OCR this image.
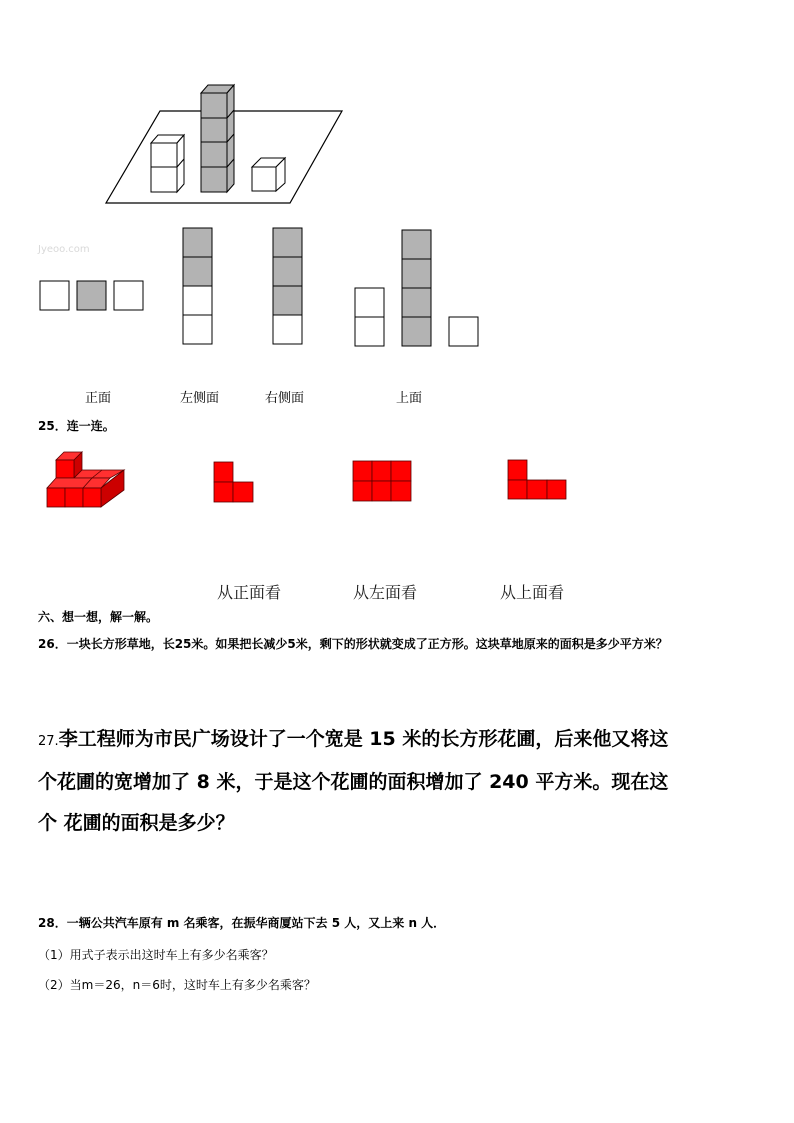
Jyeoo.com
正面	左侧面	右侧面	上面
25．连一连。
从正面看	从左面看	从上面看
六、想一想，解一解。
26．一块长方形草地，长25米。如果把长减少5米，剩下的形状就变成了正方形。这块草地原来的面积是多少平方米？
27.李工程师为市民广场设计了一个宽是 15 米的长方形花圃，后来他又将这
个花圃的宽增加了 8 米，于是这个花圃的面积增加了 240 平方米。现在这
个 花圃的面积是多少？
28．一辆公共汽车原有 m 名乘客，在振华商厦站下去 5 人，又上来 n 人．
（1）用式子表示出这时车上有多少名乘客？
（2）当m＝26，n＝6时，这时车上有多少名乘客？
